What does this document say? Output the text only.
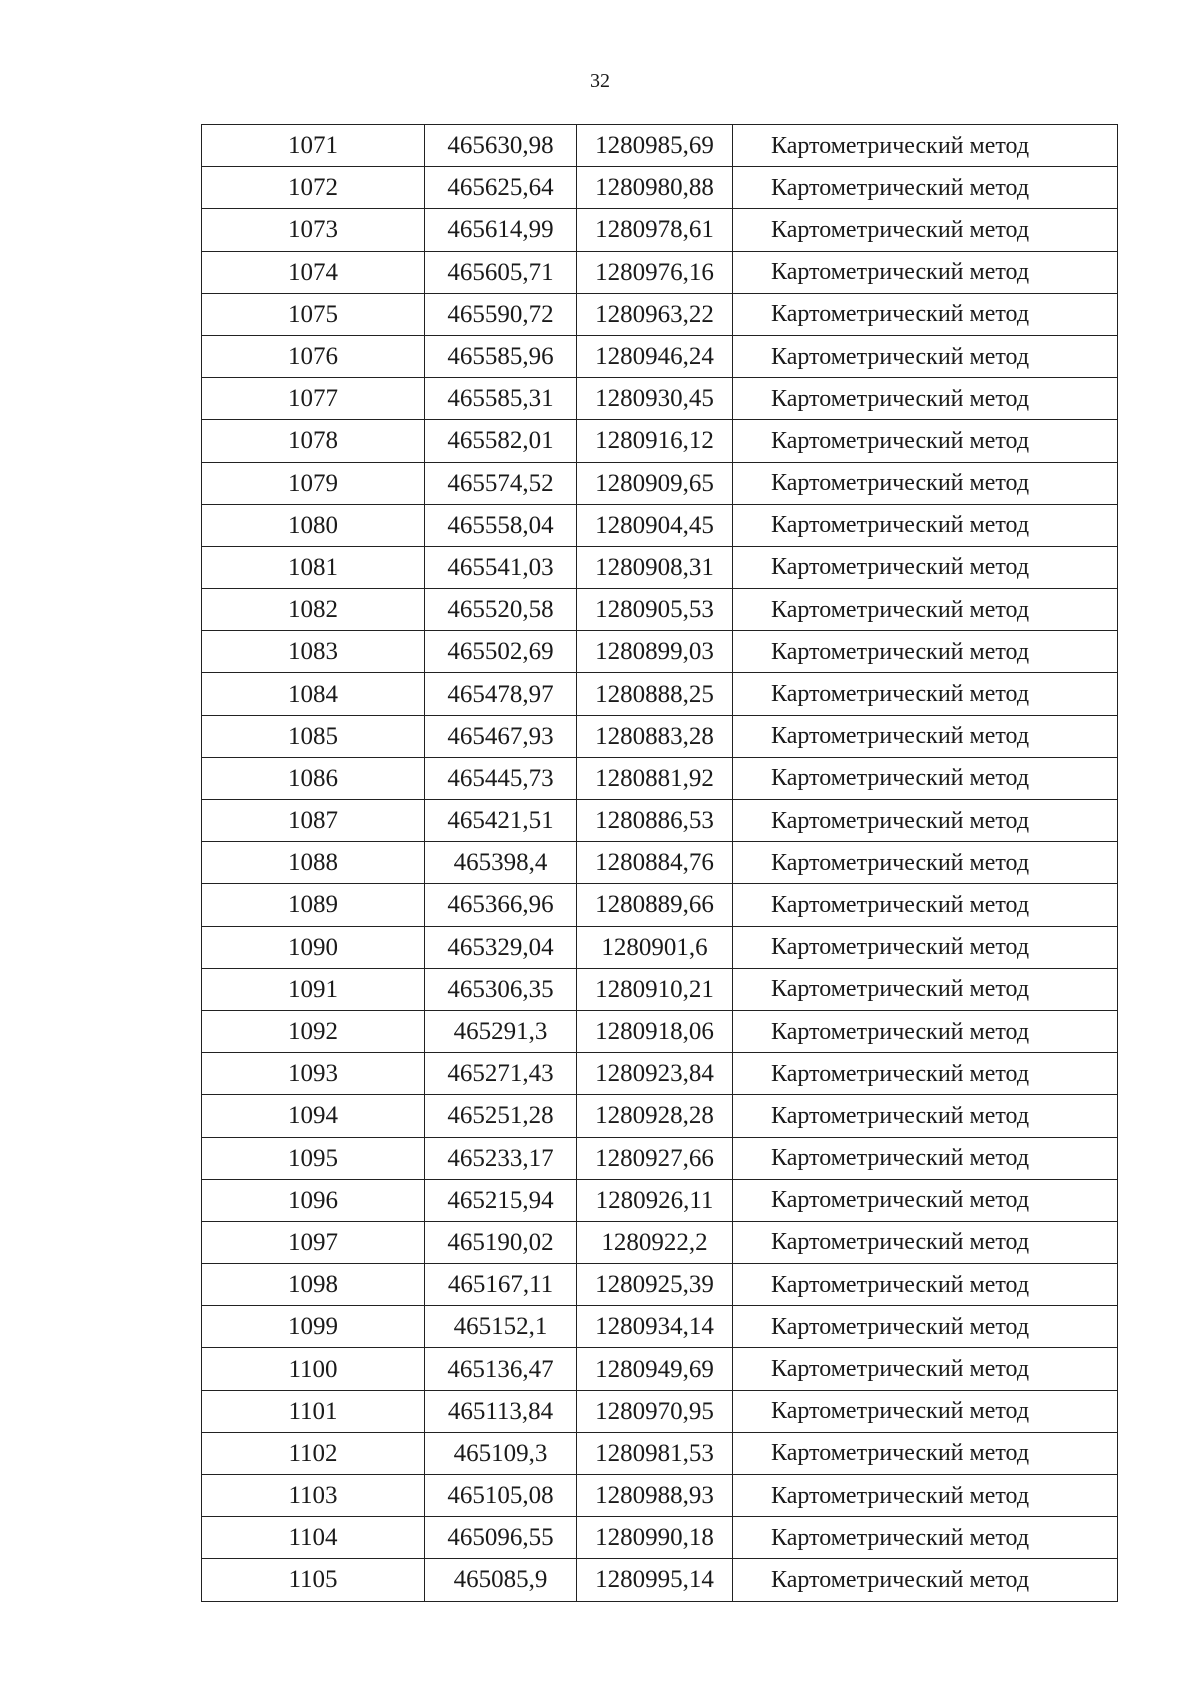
32
1071	465630,98	1280985,69	Картометрический метод
1072	465625,64	1280980,88	Картометрический метод
1073	465614,99	1280978,61	Картометрический метод
1074	465605,71	1280976,16	Картометрический метод
1075	465590,72	1280963,22	Картометрический метод
1076	465585,96	1280946,24	Картометрический метод
1077	465585,31	1280930,45	Картометрический метод
1078	465582,01	1280916,12	Картометрический метод
1079	465574,52	1280909,65	Картометрический метод
1080	465558,04	1280904,45	Картометрический метод
1081	465541,03	1280908,31	Картометрический метод
1082	465520,58	1280905,53	Картометрический метод
1083	465502,69	1280899,03	Картометрический метод
1084	465478,97	1280888,25	Картометрический метод
1085	465467,93	1280883,28	Картометрический метод
1086	465445,73	1280881,92	Картометрический метод
1087	465421,51	1280886,53	Картометрический метод
1088	465398,4	1280884,76	Картометрический метод
1089	465366,96	1280889,66	Картометрический метод
1090	465329,04	1280901,6	Картометрический метод
1091	465306,35	1280910,21	Картометрический метод
1092	465291,3	1280918,06	Картометрический метод
1093	465271,43	1280923,84	Картометрический метод
1094	465251,28	1280928,28	Картометрический метод
1095	465233,17	1280927,66	Картометрический метод
1096	465215,94	1280926,11	Картометрический метод
1097	465190,02	1280922,2	Картометрический метод
1098	465167,11	1280925,39	Картометрический метод
1099	465152,1	1280934,14	Картометрический метод
1100	465136,47	1280949,69	Картометрический метод
1101	465113,84	1280970,95	Картометрический метод
1102	465109,3	1280981,53	Картометрический метод
1103	465105,08	1280988,93	Картометрический метод
1104	465096,55	1280990,18	Картометрический метод
1105	465085,9	1280995,14	Картометрический метод
